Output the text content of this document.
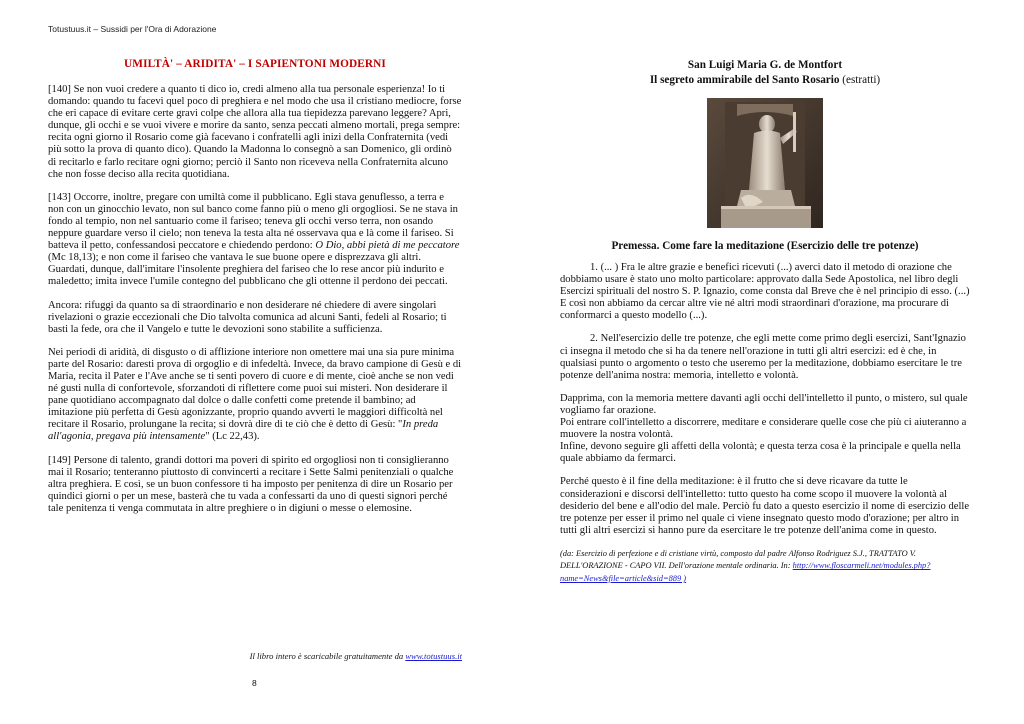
Totustuus.it – Sussidi per l'Ora di Adorazione
UMILTÀ' – ARIDITA' – I SAPIENTONI MODERNI

[140] Se non vuoi credere a quanto ti dico io, credi almeno alla tua personale esperienza! Io ti domando: quando tu facevi quel poco di preghiera e nel modo che usa il cristiano mediocre, forse che eri capace di evitare certe gravi colpe che allora alla tua tiepidezza parevano leggere? Apri, dunque, gli occhi e se vuoi vivere e morire da santo, senza peccati almeno mortali, prega sempre: recita ogni giorno il Rosario come già facevano i confratelli agli inizi della Confraternita (vedi più sotto la prova di quanto dico). Quando la Madonna lo consegnò a san Domenico, gli ordinò di recitarlo e farlo recitare ogni giorno; perciò il Santo non riceveva nella Confraternita alcuno che non fosse deciso alla recita quotidiana.

[143] Occorre, inoltre, pregare con umiltà come il pubblicano. Egli stava genuflesso, a terra e non con un ginocchio levato, non sul banco come fanno più o meno gli orgogliosi. Se ne stava in fondo al tempio, non nel santuario come il fariseo; teneva gli occhi verso terra, non osando neppure guardare verso il cielo; non teneva la testa alta né osservava qua e là come il fariseo. Si batteva il petto, confessandosi peccatore e chiedendo perdono: O Dio, abbi pietà di me peccatore (Mc 18,13); e non come il fariseo che vantava le sue buone opere e disprezzava gli altri.
Guardati, dunque, dall'imitare l'insolente preghiera del fariseo che lo rese ancor più indurito e maledetto; imita invece l'umile contegno del pubblicano che gli ottenne il perdono dei peccati.

Ancora: rifuggi da quanto sa di straordinario e non desiderare né chiedere di avere singolari rivelazioni o grazie eccezionali che Dio talvolta comunica ad alcuni Santi, fedeli al Rosario; ti basti la fede, ora che il Vangelo e tutte le devozioni sono stabilite a sufficienza.

Nei periodi di aridità, di disgusto o di afflizione interiore non omettere mai una sia pure minima parte del Rosario: daresti prova di orgoglio e di infedeltà. Invece, da bravo campione di Gesù e di Maria, recita il Pater e l'Ave anche se ti senti povero di cuore e di mente, cioè anche se non vedi né gusti nulla di confortevole, sforzandoti di riflettere come puoi sui misteri. Non desiderare il pane quotidiano accompagnato dal dolce o dalle confetti come pretende il bambino; ad imitazione più perfetta di Gesù agonizzante, proprio quando avverti le maggiori difficoltà nel recitare il Rosario, prolungane la recita; si dovrà dire di te ciò che è detto di Gesù: "In preda all'agonia, pregava più intensamente" (Lc 22,43).

[149] Persone di talento, grandi dottori ma poveri di spirito ed orgogliosi non ti consiglieranno mai il Rosario; tenteranno piuttosto di convincerti a recitare i Sette Salmi penitenziali o qualche altra preghiera. E così, se un buon confessore ti ha imposto per penitenza di dire un Rosario per quindici giorni o per un mese, basterà che tu vada a confessarti da uno di questi signori perché tale penitenza ti venga commutata in altre preghiere o in digiuni o messe o elemosine.

Il libro intero è scaricabile gratuitamente da www.totustuus.it
8
San Luigi Maria G. de Montfort
Il segreto ammirabile del Santo Rosario (estratti)
Premessa. Come fare la meditazione (Esercizio delle tre potenze)

1. (... ) Fra le altre grazie e benefici ricevuti (...) averci dato il metodo di orazione che dobbiamo usare è stato uno molto particolare: approvato dalla Sede Apostolica, nel libro degli Esercizi spirituali del nostro S. P. Ignazio, come consta dal Breve che è nel principio di esso. (...) E così non abbiamo da cercar altre vie né altri modi straordinari d'orazione, ma procurare di conformarci a questo modello (...).

2. Nell'esercizio delle tre potenze, che egli mette come primo degli esercizi, Sant'Ignazio ci insegna il metodo che si ha da tenere nell'orazione in tutti gli altri esercizi: ed è che, in qualsiasi punto o argomento o testo che useremo per la meditazione, dobbiamo esercitare le tre potenze dell'anima nostra: memoria, intelletto e volontà.

Dapprima, con la memoria mettere davanti agli occhi dell'intelletto il punto, o mistero, sul quale vogliamo far orazione.
Poi entrare coll'intelletto a discorrere, meditare e considerare quelle cose che più ci aiuteranno a muovere la nostra volontà.
Infine, devono seguire gli affetti della volontà; e questa terza cosa è la principale e quella nella quale abbiamo da fermarci.

Perché questo è il fine della meditazione: è il frutto che si deve ricavare da tutte le considerazioni e discorsi dell'intelletto: tutto questo ha come scopo il muovere la volontà al desiderio del bene e all'odio del male. Perciò fu dato a questo esercizio il nome di esercizio delle tre potenze per esser il primo nel quale ci viene insegnato questo modo d'orazione; per altro in tutti gli altri esercizi si hanno pure da esercitare le tre potenze dell'anima come in questo.

(da: Esercizio di perfezione e di cristiane virtù, composto dal padre Alfonso Rodriguez S.J., TRATTATO V. DELL'ORAZIONE - CAPO VII. Dell'orazione mentale ordinaria. In: http://www.floscarmeli.net/modules.php?name=News&file=article&sid=889 )
